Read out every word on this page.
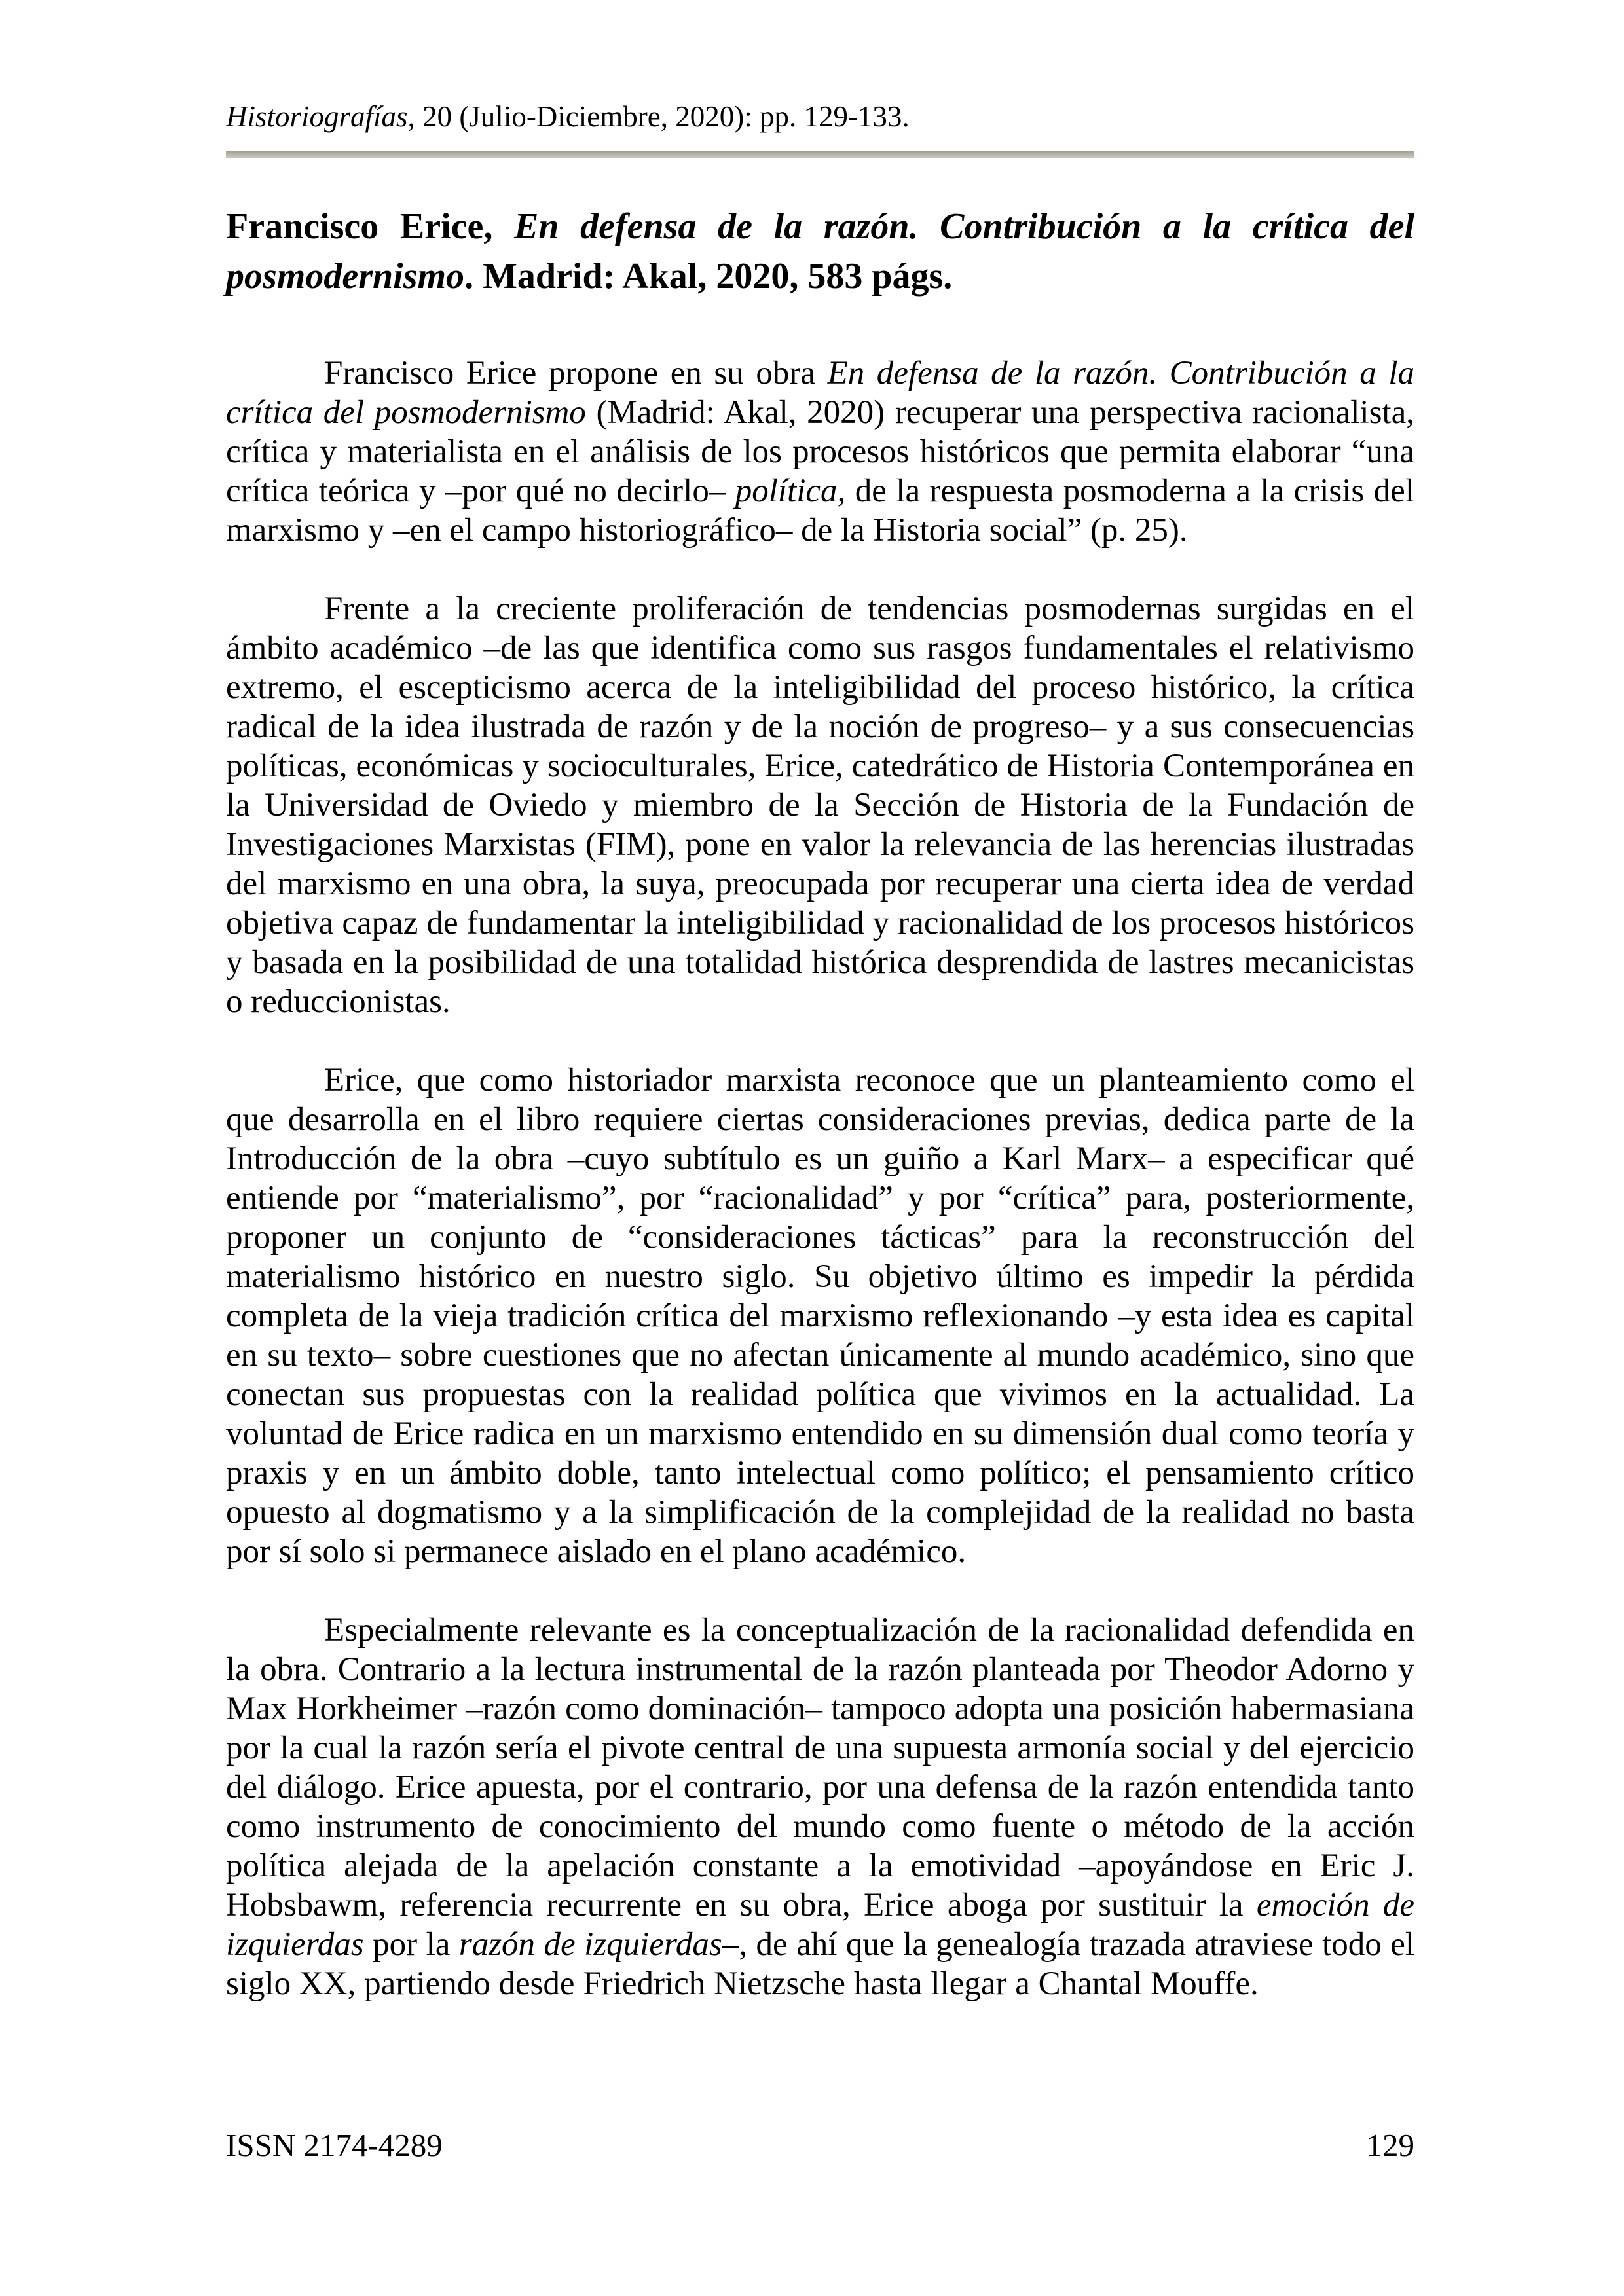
Historiografías, 20 (Julio-Diciembre, 2020): pp. 129-133.
Francisco Erice, En defensa de la razón. Contribución a la crítica del
posmodernismo. Madrid: Akal, 2020, 583 págs.

Francisco Erice propone en su obra En defensa de la razón. Contribución a la crítica del posmodernismo (Madrid: Akal, 2020) recuperar una perspectiva racionalista, crítica y materialista en el análisis de los procesos históricos que permita elaborar “una crítica teórica y –por qué no decirlo– política, de la respuesta posmoderna a la crisis del marxismo y –en el campo historiográfico– de la Historia social” (p. 25).

Frente a la creciente proliferación de tendencias posmodernas surgidas en el ámbito académico –de las que identifica como sus rasgos fundamentales el relativismo extremo, el escepticismo acerca de la inteligibilidad del proceso histórico, la crítica radical de la idea ilustrada de razón y de la noción de progreso– y a sus consecuencias políticas, económicas y socioculturales, Erice, catedrático de Historia Contemporánea en la Universidad de Oviedo y miembro de la Sección de Historia de la Fundación de Investigaciones Marxistas (FIM), pone en valor la relevancia de las herencias ilustradas del marxismo en una obra, la suya, preocupada por recuperar una cierta idea de verdad objetiva capaz de fundamentar la inteligibilidad y racionalidad de los procesos históricos y basada en la posibilidad de una totalidad histórica desprendida de lastres mecanicistas o reduccionistas.

Erice, que como historiador marxista reconoce que un planteamiento como el que desarrolla en el libro requiere ciertas consideraciones previas, dedica parte de la Introducción de la obra –cuyo subtítulo es un guiño a Karl Marx– a especificar qué entiende por “materialismo”, por “racionalidad” y por “crítica” para, posteriormente, proponer un conjunto de “consideraciones tácticas” para la reconstrucción del materialismo histórico en nuestro siglo. Su objetivo último es impedir la pérdida completa de la vieja tradición crítica del marxismo reflexionando –y esta idea es capital en su texto– sobre cuestiones que no afectan únicamente al mundo académico, sino que conectan sus propuestas con la realidad política que vivimos en la actualidad. La voluntad de Erice radica en un marxismo entendido en su dimensión dual como teoría y praxis y en un ámbito doble, tanto intelectual como político; el pensamiento crítico opuesto al dogmatismo y a la simplificación de la complejidad de la realidad no basta por sí solo si permanece aislado en el plano académico.

Especialmente relevante es la conceptualización de la racionalidad defendida en la obra. Contrario a la lectura instrumental de la razón planteada por Theodor Adorno y Max Horkheimer –razón como dominación– tampoco adopta una posición habermasiana por la cual la razón sería el pivote central de una supuesta armonía social y del ejercicio del diálogo. Erice apuesta, por el contrario, por una defensa de la razón entendida tanto como instrumento de conocimiento del mundo como fuente o método de la acción política alejada de la apelación constante a la emotividad –apoyándose en Eric J. Hobsbawm, referencia recurrente en su obra, Erice aboga por sustituir la emoción de izquierdas por la razón de izquierdas–, de ahí que la genealogía trazada atraviese todo el siglo XX, partiendo desde Friedrich Nietzsche hasta llegar a Chantal Mouffe.

ISSN 2174-4289	129
